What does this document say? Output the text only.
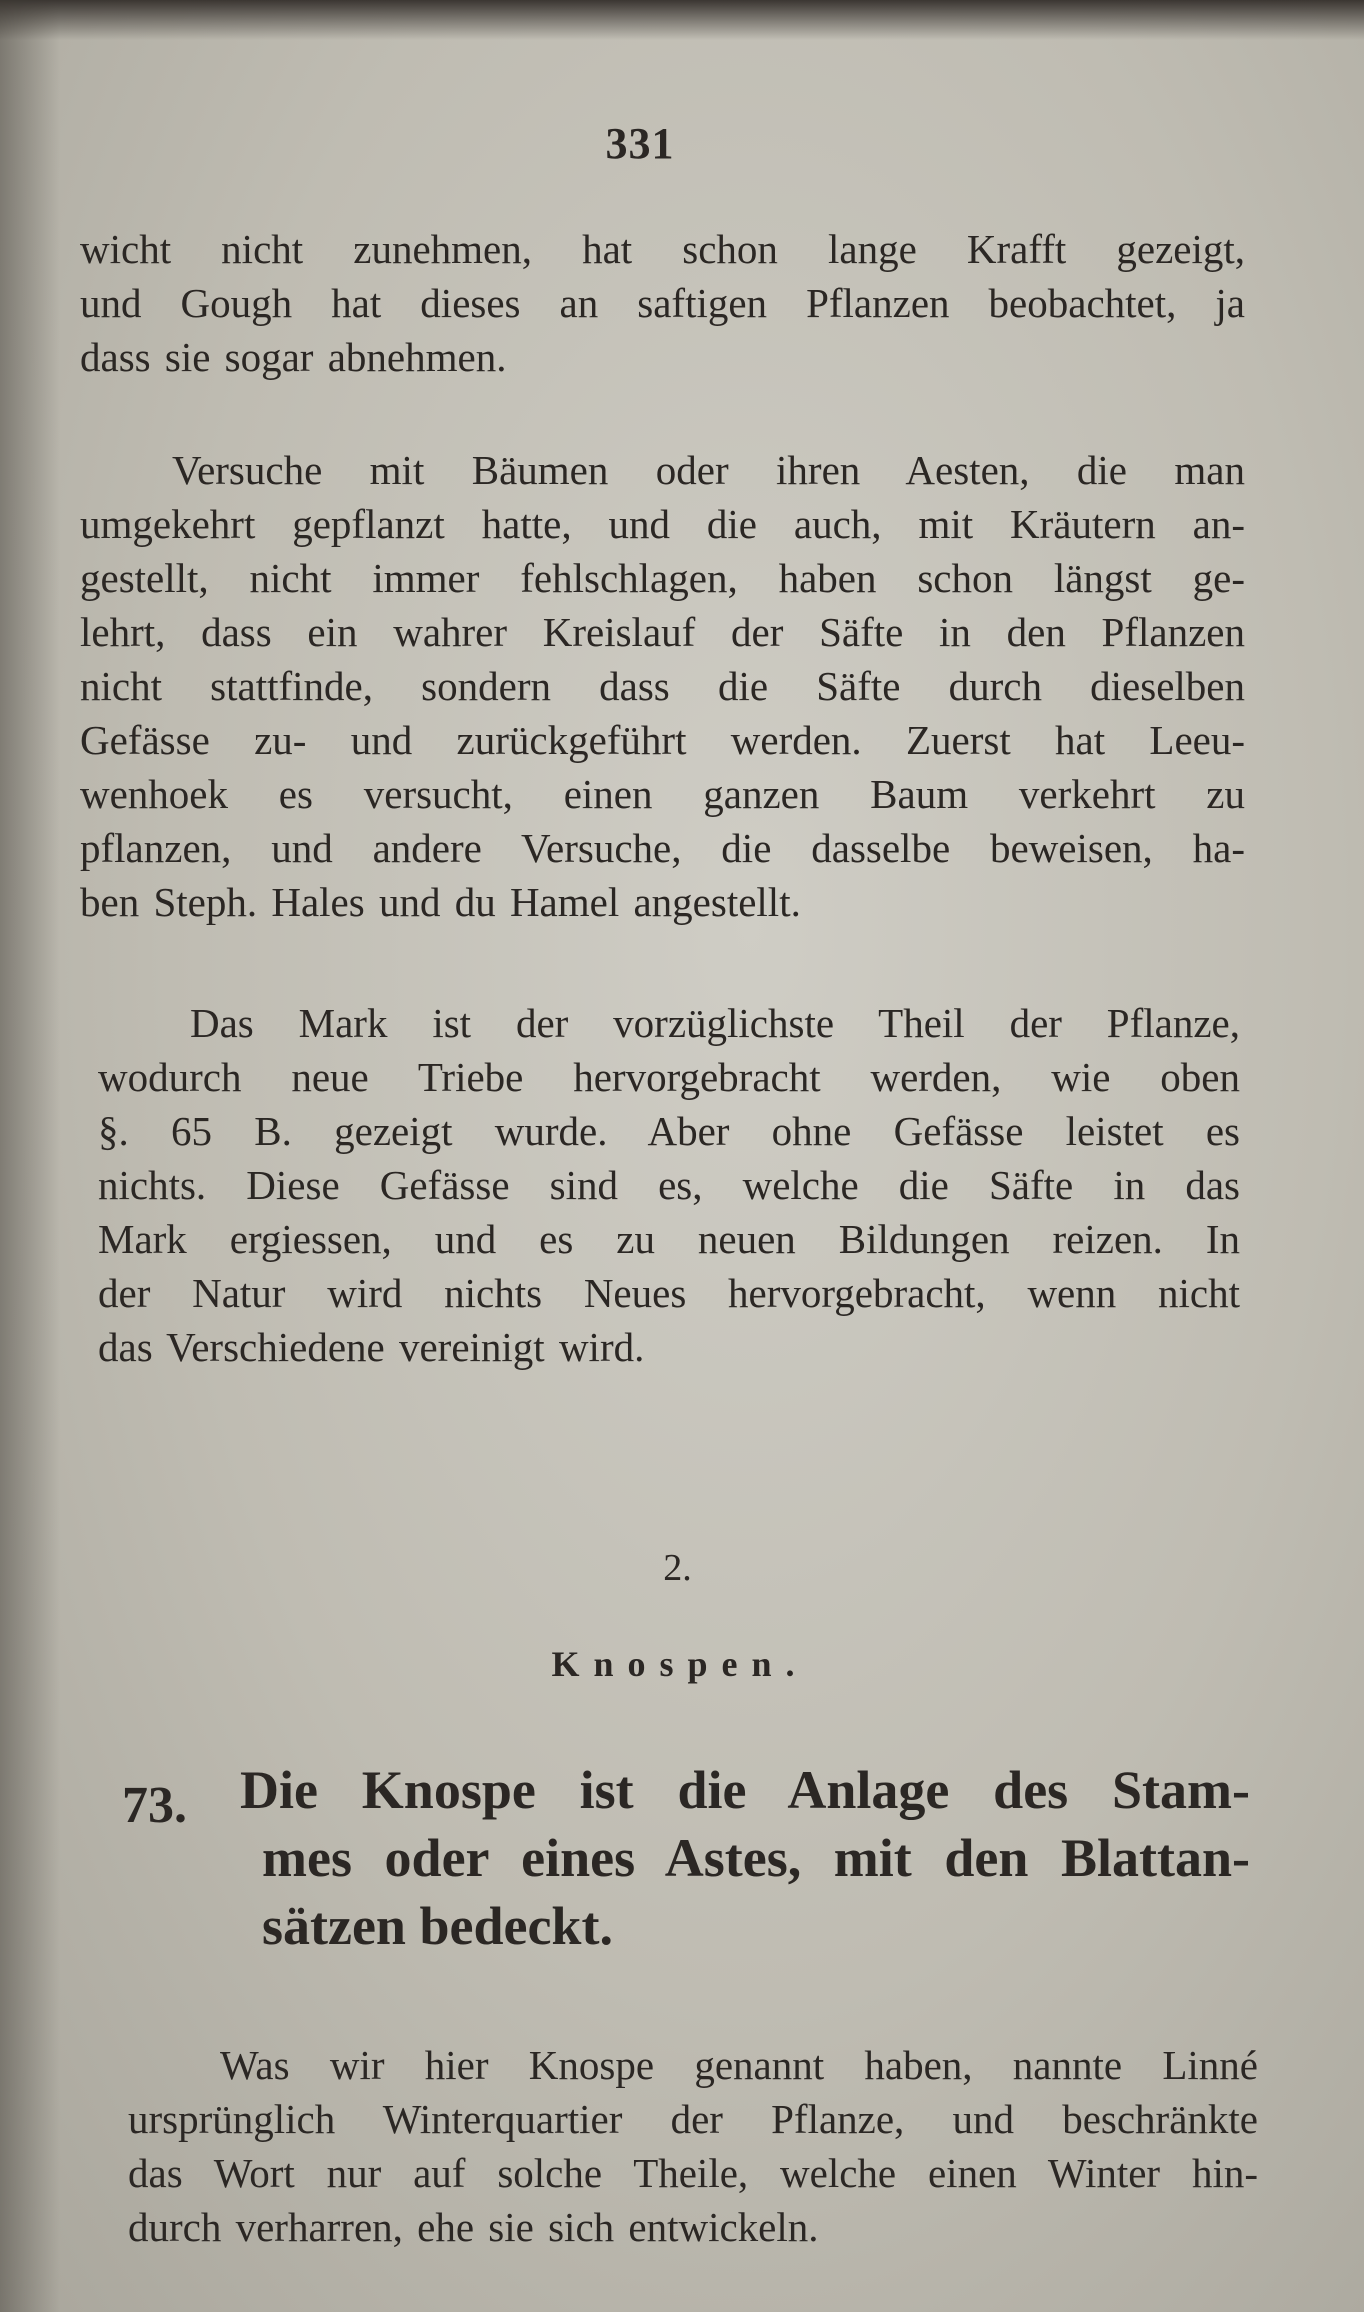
331
wicht nicht zunehmen, hat schon lange Krafft gezeigt,
und Gough hat dieses an saftigen Pflanzen beobachtet, ja
dass sie sogar abnehmen.
Versuche mit Bäumen oder ihren Aesten, die man
umgekehrt gepflanzt hatte, und die auch, mit Kräutern an-
gestellt, nicht immer fehlschlagen, haben schon längst ge-
lehrt, dass ein wahrer Kreislauf der Säfte in den Pflanzen
nicht stattfinde, sondern dass die Säfte durch dieselben
Gefässe zu- und zurückgeführt werden. Zuerst hat Leeu-
wenhoek es versucht, einen ganzen Baum verkehrt zu
pflanzen, und andere Versuche, die dasselbe beweisen, ha-
ben Steph. Hales und du Hamel angestellt.
Das Mark ist der vorzüglichste Theil der Pflanze,
wodurch neue Triebe hervorgebracht werden, wie oben
§. 65 B. gezeigt wurde. Aber ohne Gefässe leistet es
nichts. Diese Gefässe sind es, welche die Säfte in das
Mark ergiessen, und es zu neuen Bildungen reizen. In
der Natur wird nichts Neues hervorgebracht, wenn nicht
das Verschiedene vereinigt wird.
2.
Knospen.
73. Die Knospe ist die Anlage des Stam-
mes oder eines Astes, mit den Blattan-
sätzen bedeckt.
Was wir hier Knospe genannt haben, nannte Linné
ursprünglich Winterquartier der Pflanze, und beschränkte
das Wort nur auf solche Theile, welche einen Winter hin-
durch verharren, ehe sie sich entwickeln.
